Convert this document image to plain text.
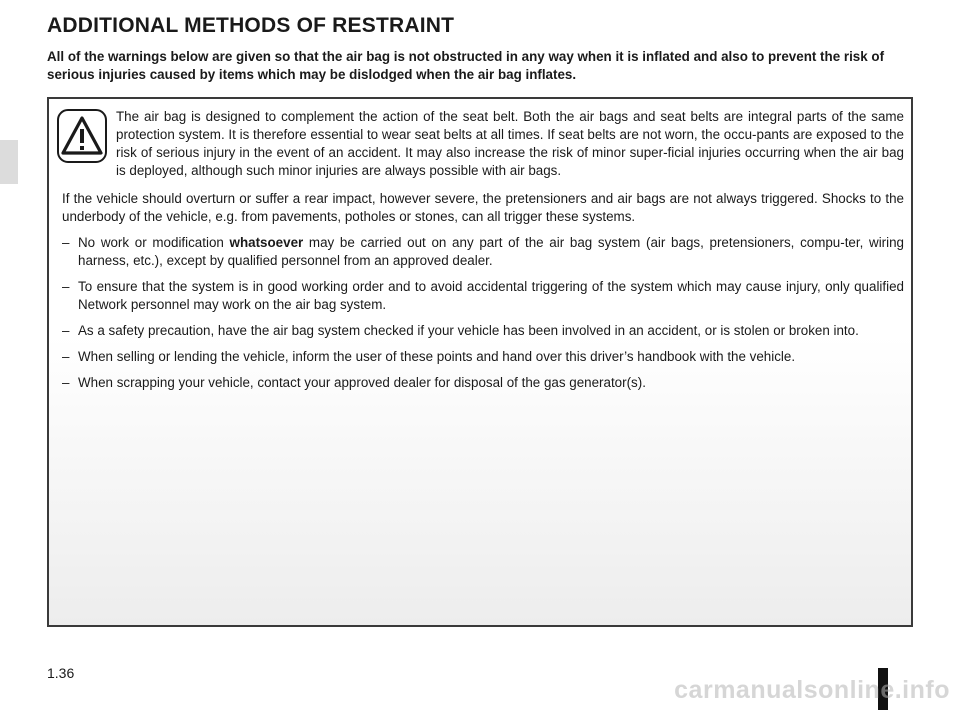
ADDITIONAL METHODS OF RESTRAINT

All of the warnings below are given so that the air bag is not obstructed in any way when it is inflated and also to prevent the risk of serious injuries caused by items which may be dislodged when the air bag inflates.

The air bag is designed to complement the action of the seat belt. Both the air bags and seat belts are integral parts of the same protection system. It is therefore essential to wear seat belts at all times. If seat belts are not worn, the occu-pants are exposed to the risk of serious injury in the event of an accident. It may also increase the risk of minor super-ficial injuries occurring when the air bag is deployed, although such minor injuries are always possible with air bags.

If the vehicle should overturn or suffer a rear impact, however severe, the pretensioners and air bags are not always triggered. Shocks to the underbody of the vehicle, e.g. from pavements, potholes or stones, can all trigger these systems.

– No work or modification whatsoever may be carried out on any part of the air bag system (air bags, pretensioners, compu-ter, wiring harness, etc.), except by qualified personnel from an approved dealer.
– To ensure that the system is in good working order and to avoid accidental triggering of the system which may cause injury, only qualified Network personnel may work on the air bag system.
– As a safety precaution, have the air bag system checked if your vehicle has been involved in an accident, or is stolen or broken into.
– When selling or lending the vehicle, inform the user of these points and hand over this driver’s handbook with the vehicle.
– When scrapping your vehicle, contact your approved dealer for disposal of the gas generator(s).
1.36
carmanualsonline.info
